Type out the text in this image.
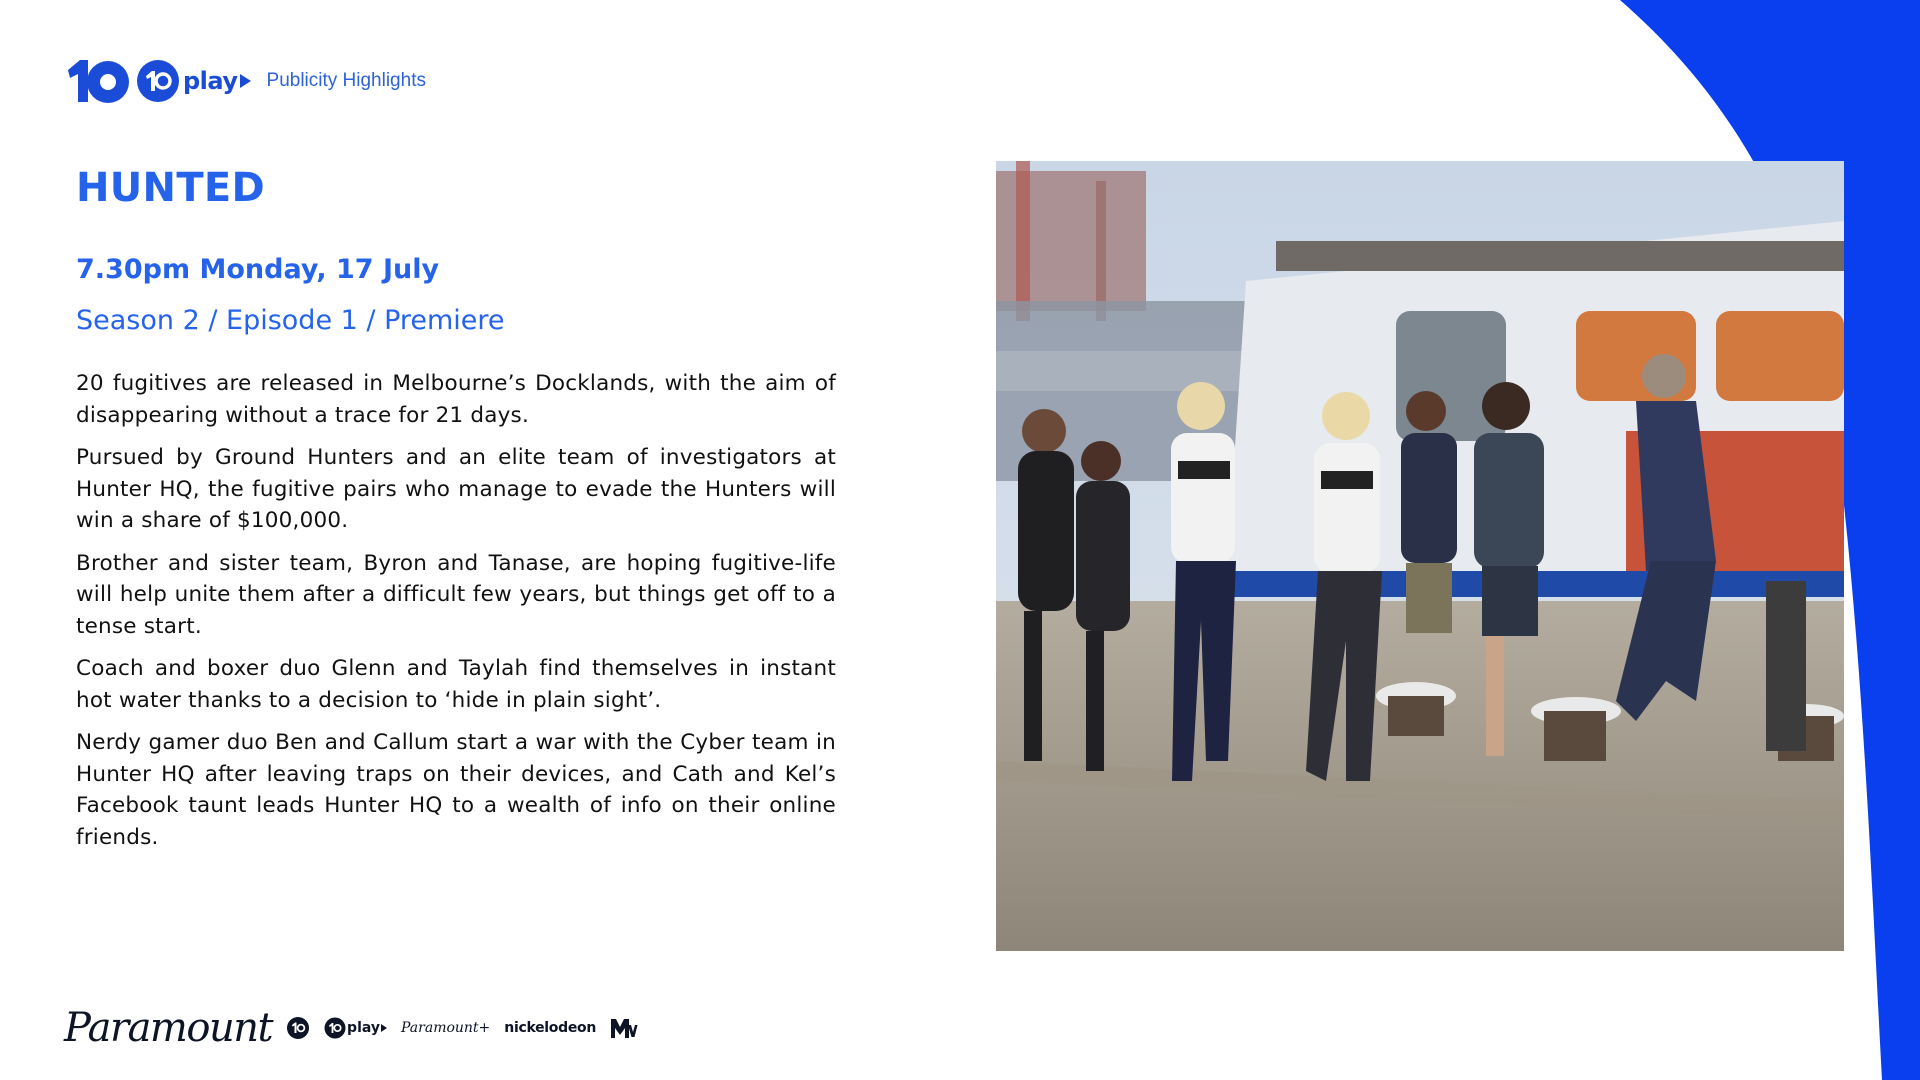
play Publicity Highlights
HUNTED

7.30pm Monday, 17 July

Season 2 / Episode 1 / Premiere

20 fugitives are released in Melbourne’s Docklands, with the aim of disappearing without a trace for 21 days.

Pursued by Ground Hunters and an elite team of investigators at Hunter HQ, the fugitive pairs who manage to evade the Hunters will win a share of $100,000.

Brother and sister team, Byron and Tanase, are hoping fugitive-life will help unite them after a difficult few years, but things get off to a tense start.

Coach and boxer duo Glenn and Taylah find themselves in instant hot water thanks to a decision to ‘hide in plain sight’.

Nerdy gamer duo Ben and Callum start a war with the Cyber team in Hunter HQ after leaving traps on their devices, and Cath and Kel’s Facebook taunt leads Hunter HQ to a wealth of info on their online friends.

Paramount	play Paramount+ nickelodeon
